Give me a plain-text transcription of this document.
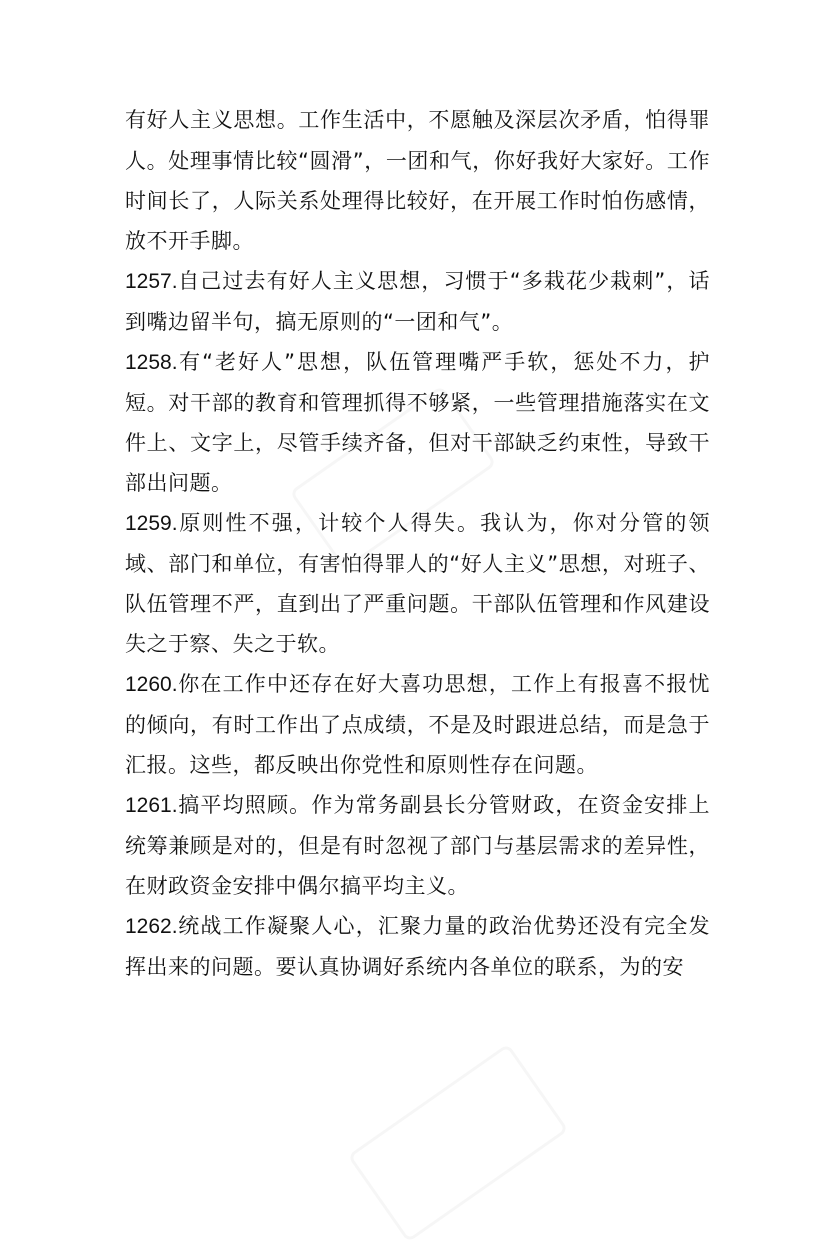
有好人主义思想。工作生活中，不愿触及深层次矛盾，怕得罪人。处理事情比较“圆滑”，一团和气，你好我好大家好。工作时间长了，人际关系处理得比较好，在开展工作时怕伤感情，放不开手脚。

1257.自己过去有好人主义思想，习惯于“多栽花少栽刺”，话到嘴边留半句，搞无原则的“一团和气”。

1258.有“老好人”思想，队伍管理嘴严手软，惩处不力，护短。对干部的教育和管理抓得不够紧，一些管理措施落实在文件上、文字上，尽管手续齐备，但对干部缺乏约束性，导致干部出问题。

1259.原则性不强，计较个人得失。我认为，你对分管的领域、部门和单位，有害怕得罪人的“好人主义”思想，对班子、队伍管理不严，直到出了严重问题。干部队伍管理和作风建设失之于察、失之于软。

1260.你在工作中还存在好大喜功思想，工作上有报喜不报忧的倾向，有时工作出了点成绩，不是及时跟进总结，而是急于汇报。这些，都反映出你党性和原则性存在问题。

1261.搞平均照顾。作为常务副县长分管财政，在资金安排上统筹兼顾是对的，但是有时忽视了部门与基层需求的差异性，在财政资金安排中偶尔搞平均主义。

1262.统战工作凝聚人心，汇聚力量的政治优势还没有完全发挥出来的问题。要认真协调好系统内各单位的联系，为的安
